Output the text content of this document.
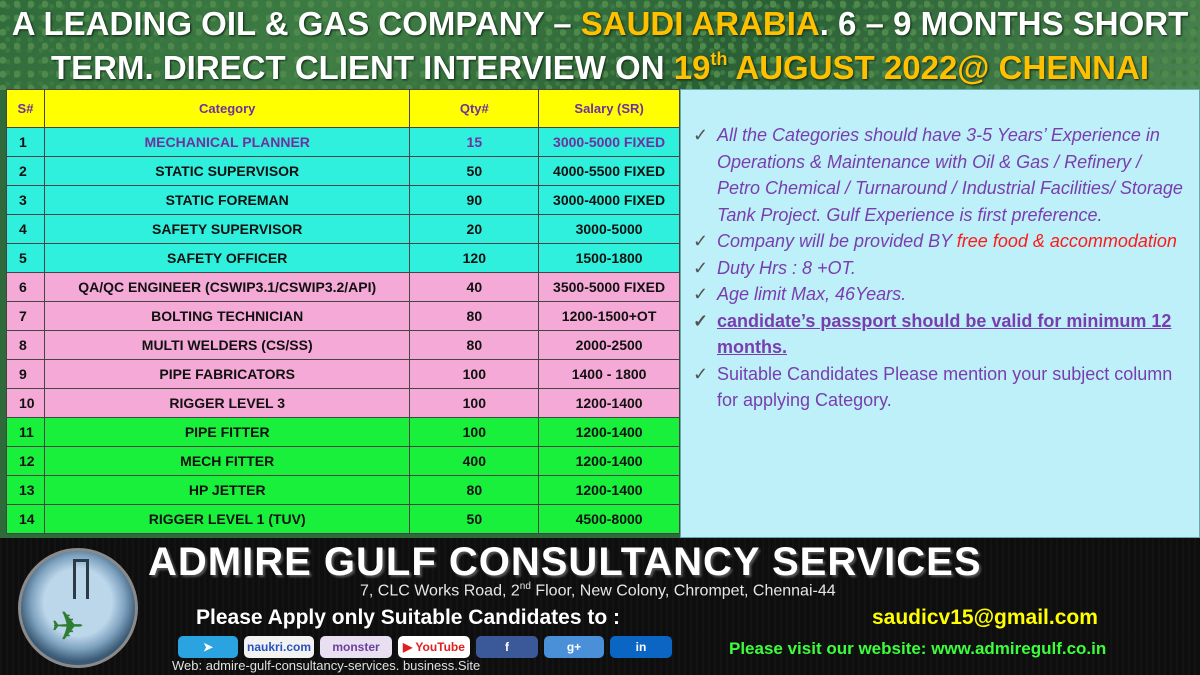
A LEADING OIL & GAS COMPANY – SAUDI ARABIA. 6 – 9 MONTHS SHORT
TERM. DIRECT CLIENT INTERVIEW ON 19th AUGUST 2022@ CHENNAI
S#	Category	Qty#	Salary (SR)
1	MECHANICAL PLANNER	15	3000-5000 FIXED
2	STATIC SUPERVISOR	50	4000-5500 FIXED
3	STATIC FOREMAN	90	3000-4000 FIXED
4	SAFETY SUPERVISOR	20	3000-5000
5	SAFETY OFFICER	120	1500-1800
6	QA/QC ENGINEER (CSWIP3.1/CSWIP3.2/API)	40	3500-5000 FIXED
7	BOLTING TECHNICIAN	80	1200-1500+OT
8	MULTI WELDERS (CS/SS)	80	2000-2500
9	PIPE FABRICATORS	100	1400 - 1800
10	RIGGER LEVEL 3	100	1200-1400
11	PIPE FITTER	100	1200-1400
12	MECH FITTER	400	1200-1400
13	HP JETTER	80	1200-1400
14	RIGGER LEVEL 1 (TUV)	50	4500-8000
✓ All the Categories should have 3-5 Years’ Experience in Operations & Maintenance with Oil & Gas / Refinery / Petro Chemical / Turnaround / Industrial Facilities/ Storage Tank Project. Gulf Experience is first preference.
✓ Company will be provided BY free food & accommodation
✓ Duty Hrs : 8 +OT.
✓ Age limit Max, 46Years.
✓ candidate’s passport should be valid for minimum 12 months.
✓ Suitable Candidates Please mention your subject column for applying Category.
✈
ADMIRE GULF CONSULTANCY SERVICES
7, CLC Works Road, 2nd Floor, New Colony, Chrompet, Chennai-44
Please Apply only Suitable Candidates to :	saudicv15@gmail.com
➤	naukri.com	monster	▶ YouTube	f	g+	in	Please visit our website: www.admiregulf.co.in
Web: admire-gulf-consultancy-services. business.Site
